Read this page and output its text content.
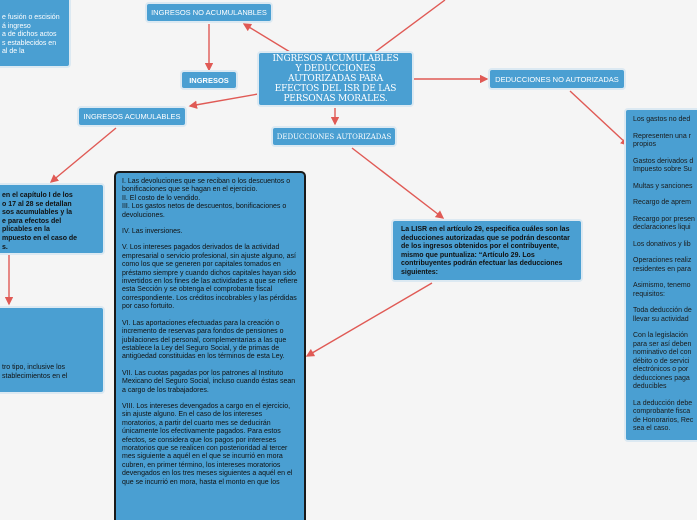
e fusión o escisión
á ingreso
a de dichos actos
s establecidos en
al de la
INGRESOS NO ACUMULANBLES
INGRESOS
INGRESOS ACUMULABLES Y DEDUCCIONES AUTORIZADAS PARA EFECTOS DEL ISR DE LAS PERSONAS MORALES.
DEDUCCIONES NO AUTORIZADAS
INGRESOS ACUMULABLES
DEDUCCIONES AUTORIZADAS
en el capítulo I de los
o 17 al 28 se detallan
sos acumulables y la
e para efectos del
plicables en la
mpuesto en el caso de
s.
tro tipo, inclusive los
stablecimientos en el
La LISR en el artículo 29, especifica cuáles son las deducciones autorizadas que se podrán descontar de los ingresos obtenidos por el contribuyente, mismo que puntualiza: “Artículo 29. Los contribuyentes podrán efectuar las deducciones siguientes:

I. Las devoluciones que se reciban o los descuentos o bonificaciones que se hagan en el ejercicio.
II. El costo de lo vendido.
III. Los gastos netos de descuentos, bonificaciones o devoluciones.

IV. Las inversiones.

V. Los intereses pagados derivados de la actividad empresarial o servicio profesional, sin ajuste alguno, así como los que se generen por capitales tomados en préstamo siempre y cuando dichos capitales hayan sido invertidos en los fines de las actividades a que se refiere esta Sección y se obtenga el comprobante fiscal correspondiente. Los créditos incobrables y las pérdidas por caso fortuito.

VI. Las aportaciones efectuadas para la creación o incremento de reservas para fondos de pensiones o jubilaciones del personal, complementarias a las que establece la Ley del Seguro Social, y de primas de antigüedad constituidas en los términos de esta Ley.

VII. Las cuotas pagadas por los patrones al Instituto Mexicano del Seguro Social, incluso cuando éstas sean a cargo de los trabajadores.

VIII. Los intereses devengados a cargo en el ejercicio, sin ajuste alguno. En el caso de los intereses moratorios, a partir del cuarto mes se deducirán únicamente los efectivamente pagados. Para estos efectos, se considera que los pagos por intereses moratorios que se realicen con posterioridad al tercer mes siguiente a aquél en el que se incurrió en mora cubren, en primer término, los intereses moratorios devengados en los tres meses siguientes a aquél en el que se incurrió en mora, hasta el monto en que los

Los gastos no ded

Representen una r
propios

Gastos derivados d
Impuesto sobre Su

Multas y sanciones

Recargo de aprem

Recargo por presen
declaraciones liqui

Los donativos y lib

Operaciones realiz
residentes en para

Asimismo, tenemo
requisitos:

Toda deducción de
llevar su actividad

Con la legislación
para ser así deben
nominativo del con
débito o de servici
electrónicos o por
deducciones paga
deducibles

La deducción debe
comprobante fisca
de Honorarios, Rec
sea el caso.
